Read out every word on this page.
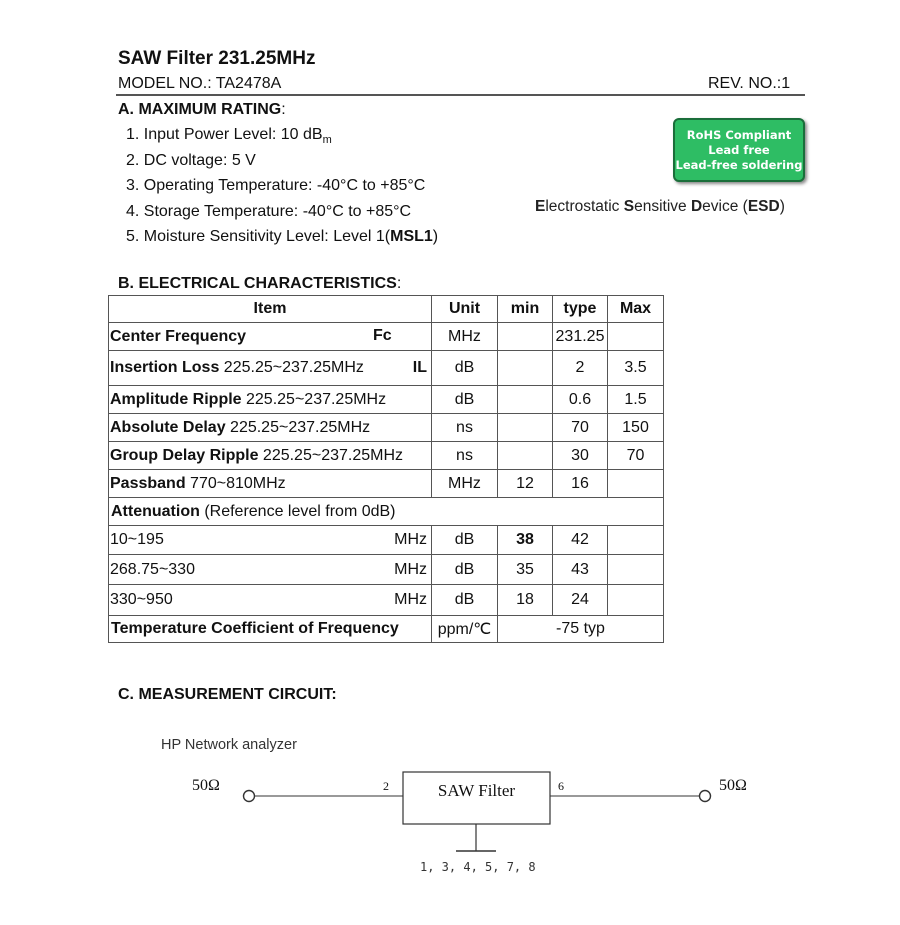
SAW Filter 231.25MHz
MODEL NO.: TA2478A	REV. NO.:1
A. MAXIMUM RATING:
1. Input Power Level: 10 $dB_m$
2. DC voltage: 5 V
3. Operating Temperature: -40°C to +85°C
4. Storage Temperature: -40°C to +85°C
5. Moisture Sensitivity Level: Level 1(MSL1)
RoHS Compliant
Lead free
Lead-free soldering
Electrostatic Sensitive Device (ESD)
B. ELECTRICAL CHARACTERISTICS:
Item	Unit	min	type	Max
Center Frequency Fc	MHz		231.25	
Insertion Loss 225.25~237.25MHz IL	dB		2	3.5
Amplitude Ripple 225.25~237.25MHz	dB		0.6	1.5
Absolute Delay 225.25~237.25MHz	ns		70	150
Group Delay Ripple 225.25~237.25MHz	ns		30	70
Passband 770~810MHz	MHz	12	16	
Attenuation (Reference level from 0dB)				
10~195 MHz	dB	38	42	
268.75~330 MHz	dB	35	43	
330~950 MHz	dB	18	24	
Temperature Coefficient of Frequency	ppm/℃	-75 typ		
C. MEASUREMENT CIRCUIT:
HP Network analyzer
50Ω	50Ω
SAW Filter
2	6
1, 3, 4, 5, 7, 8
